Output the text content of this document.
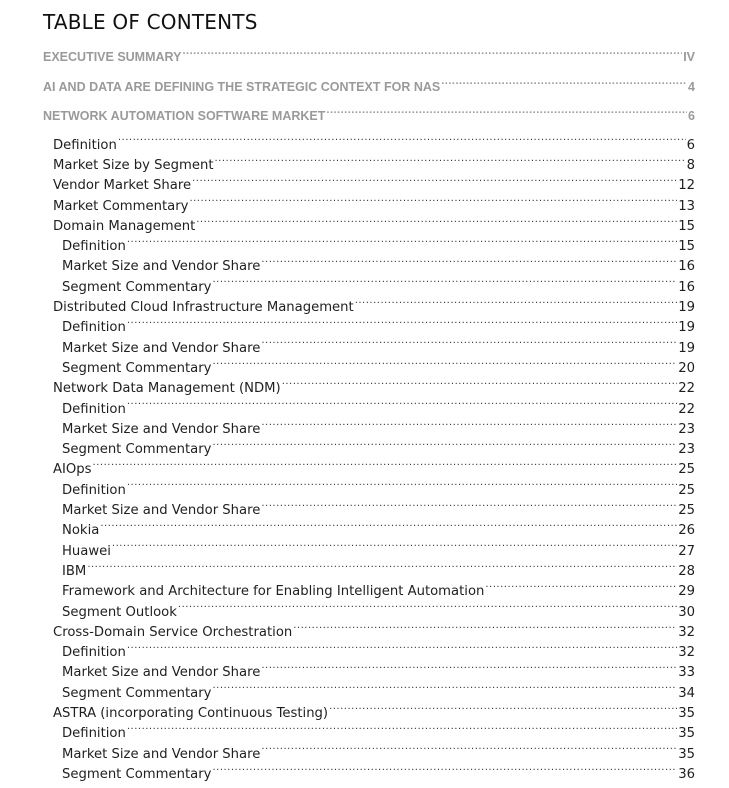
TABLE OF CONTENTS
EXECUTIVE SUMMARY .....	IV
AI AND DATA ARE DEFINING THE STRATEGIC CONTEXT FOR NAS .....	4
NETWORK AUTOMATION SOFTWARE MARKET .....	6
Definition .....	6
Market Size by Segment .....	8
Vendor Market Share .....	12
Market Commentary .....	13
Domain Management .....	15
Definition .....	15
Market Size and Vendor Share .....	16
Segment Commentary .....	16
Distributed Cloud Infrastructure Management .....	19
Definition .....	19
Market Size and Vendor Share .....	19
Segment Commentary .....	20
Network Data Management (NDM) .....	22
Definition .....	22
Market Size and Vendor Share .....	23
Segment Commentary .....	23
AIOps .....	25
Definition .....	25
Market Size and Vendor Share .....	25
Nokia .....	26
Huawei .....	27
IBM .....	28
Framework and Architecture for Enabling Intelligent Automation .....	29
Segment Outlook .....	30
Cross-Domain Service Orchestration .....	32
Definition .....	32
Market Size and Vendor Share .....	33
Segment Commentary .....	34
ASTRA (incorporating Continuous Testing) .....	35
Definition .....	35
Market Size and Vendor Share .....	35
Segment Commentary .....	36
